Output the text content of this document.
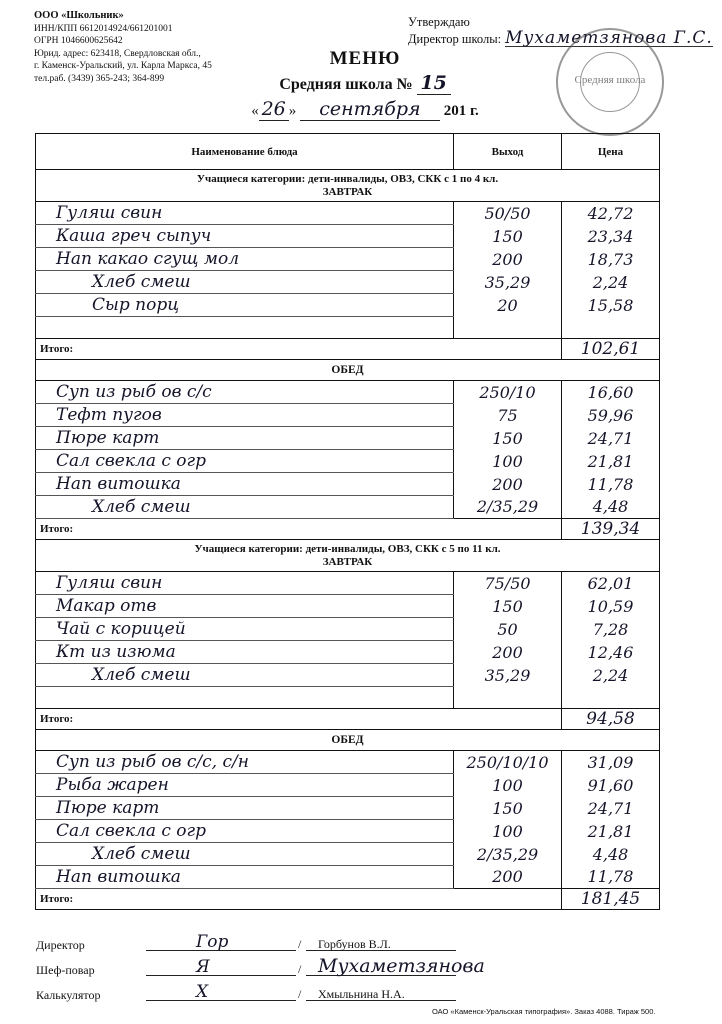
ООО «Школьник»
ИНН/КПП 6612014924/661201001
ОГРН 1046600625642
Юрид. адрес: 623418, Свердловская обл.,
г. Каменск-Уральский, ул. Карла Маркса, 45
тел.раб. (3439) 365-243; 364-899
Утверждаю
Директор школы: Мухаметзянова Г.С.
Средняя школа
МЕНЮ
Средняя школа № 15
« 26 » сентября 201 г.
Наименование блюда	Выход	Цена

Учащиеся категории: дети-инвалиды, ОВЗ, СКК с 1 по 4 кл.
ЗАВТРАК		

Гуляш свин	50/50	42,72
Каша греч сыпуч	150	23,34
Нап какао сгущ мол	200	18,73
Хлеб смеш	35,29	2,24
Сыр порц	20	15,58

Итого:		102,61
ОБЕД		
Суп из рыб ов с/с	250/10	16,60
Тефт пугов	75	59,96
Пюре карт	150	24,71
Сал свекла с огр	100	21,81
Нап витошка	200	11,78
Хлеб смеш	2/35,29	4,48
Итого:		139,34

Учащиеся категории: дети-инвалиды, ОВЗ, СКК с 5 по 11 кл.
ЗАВТРАК		

Гуляш свин	75/50	62,01
Макар отв	150	10,59
Чай с корицей	50	7,28
Кт из изюма	200	12,46
Хлеб смеш	35,29	2,24

Итого:		94,58
ОБЕД		
Суп из рыб ов с/с, с/н	250/10/10	31,09
Рыба жарен	100	91,60
Пюре карт	150	24,71
Сал свекла с огр	100	21,81
Хлеб смеш	2/35,29	4,48
Нап витошка	200	11,78
Итого:		181,45
Директор	Гор	/ Горбунов В.Л.
Шеф-повар	Я	/ Мухаметзянова
Калькулятор	Х	/ Хмыльнина Н.А.
ОАО «Каменск-Уральская типография». Заказ 4088. Тираж 500.
